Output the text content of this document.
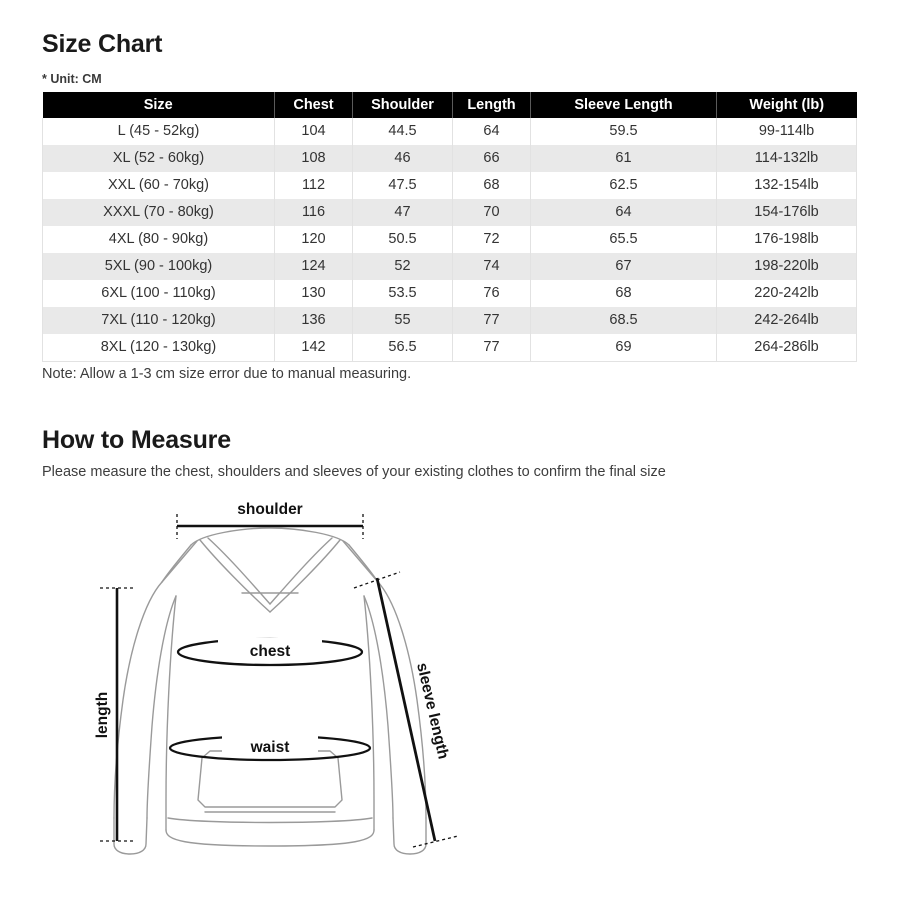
Size Chart
* Unit: CM
Size	Chest	Shoulder	Length	Sleeve Length	Weight (lb)
L (45 - 52kg)	104	44.5	64	59.5	99-114lb
XL (52 - 60kg)	108	46	66	61	114-132lb
XXL (60 - 70kg)	112	47.5	68	62.5	132-154lb
XXXL (70 - 80kg)	116	47	70	64	154-176lb
4XL (80 - 90kg)	120	50.5	72	65.5	176-198lb
5XL (90 - 100kg)	124	52	74	67	198-220lb
6XL (100 - 110kg)	130	53.5	76	68	220-242lb
7XL (110 - 120kg)	136	55	77	68.5	242-264lb
8XL (120 - 130kg)	142	56.5	77	69	264-286lb
Note: Allow a 1-3 cm size error due to manual measuring.
How to Measure
Please measure the chest, shoulders and sleeves of your existing clothes to confirm the final size
shoulder
length
chest
waist	sleeve length
